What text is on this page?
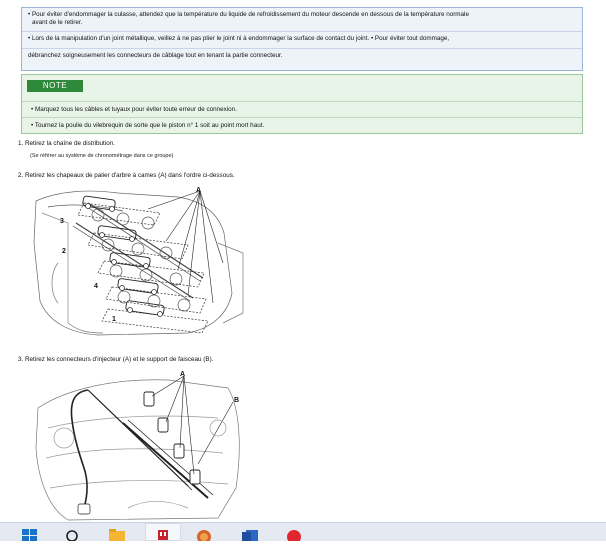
• Pour éviter d'endommager la culasse, attendez que la température du liquide de refroidissement du moteur descende en dessous de la température normale
avant de le retirer.
• Lors de la manipulation d'un joint métallique, veillez à ne pas plier le joint ni à endommager la surface de contact du joint. • Pour éviter tout dommage,
débranchez soigneusement les connecteurs de câblage tout en tenant la partie connecteur.
NOTE
• Marquez tous les câbles et tuyaux pour éviter toute erreur de connexion.
• Tournez la poulie du vilebrequin de sorte que le piston n° 1 soit au point mort haut.
1. Retirez la chaîne de distribution.
(Se référer au système de chronométrage dans ce groupe)
2. Retirez les chapeaux de palier d'arbre à cames (A) dans l'ordre ci-dessous.
A
3
2
4
1
3. Retirez les connecteurs d'injecteur (A) et le support de faisceau (B).
A
B
